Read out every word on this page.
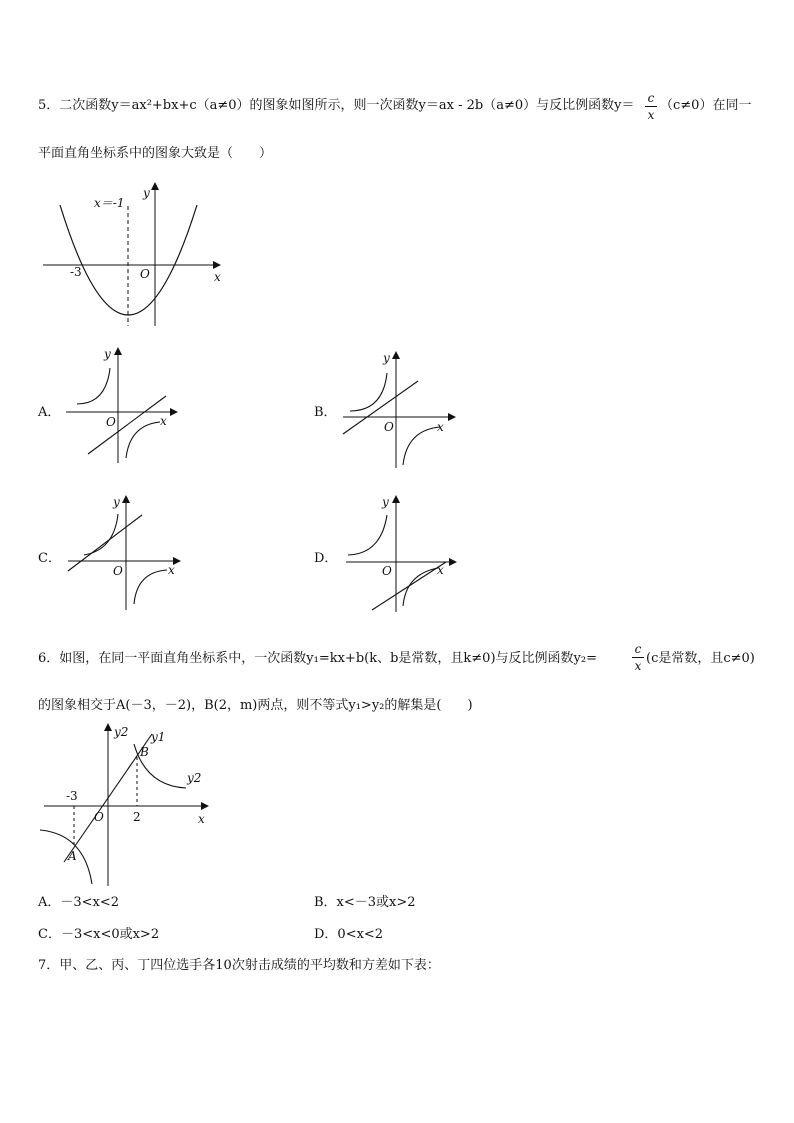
5．二次函数y＝ax²+bx+c（a≠0）的图象如图所示，则一次函数y＝ax - 2b（a≠0）与反比例函数y＝ c
x
（c≠0）在同一
平面直角坐标系中的图象大致是（　　）
x
y
O
x＝-1
-3
A．
x
y
O
B．
x
y
O
C．
x
y
O
D．
x
y
O
6．如图，在同一平面直角坐标系中，一次函数y₁=kx+b(k、b是常数，且k≠0)与反比例函数y₂=
c
x (c是常数，且c≠0)
的图象相交于A(－3，－2)，B(2，m)两点，则不等式y₁>y₂的解集是(　　)
x
y2
O
-3
2
A
B
y1
y2
A．－3<x<2	B．x<－3或x>2
C．－3<x<0或x>2	D．0<x<2
7．甲、乙、丙、丁四位选手各10次射击成绩的平均数和方差如下表：
